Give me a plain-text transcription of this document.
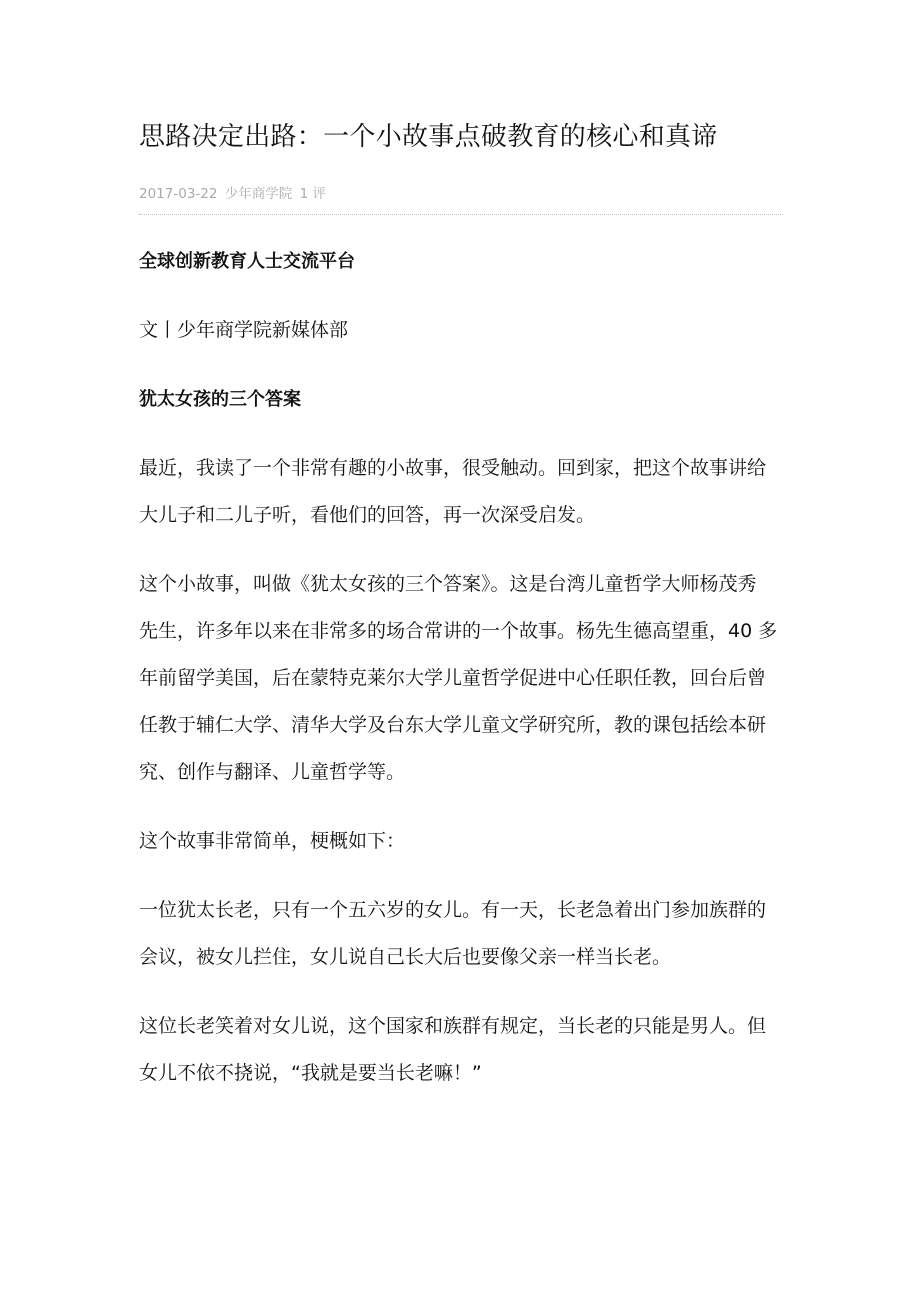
思路决定出路：一个小故事点破教育的核心和真谛
2017-03-22 少年商学院 1 评

全球创新教育人士交流平台

文丨少年商学院新媒体部

犹太女孩的三个答案

最近，我读了一个非常有趣的小故事，很受触动。回到家，把这个故事讲给
大儿子和二儿子听，看他们的回答，再一次深受启发。

这个小故事，叫做《犹太女孩的三个答案》。这是台湾儿童哲学大师杨茂秀
先生，许多年以来在非常多的场合常讲的一个故事。杨先生德高望重，40 多
年前留学美国，后在蒙特克莱尔大学儿童哲学促进中心任职任教，回台后曾
任教于辅仁大学、清华大学及台东大学儿童文学研究所，教的课包括绘本研
究、创作与翻译、儿童哲学等。

这个故事非常简单，梗概如下：

一位犹太长老，只有一个五六岁的女儿。有一天，长老急着出门参加族群的
会议，被女儿拦住，女儿说自己长大后也要像父亲一样当长老。

这位长老笑着对女儿说，这个国家和族群有规定，当长老的只能是男人。但
女儿不依不挠说，“我就是要当长老嘛！”
